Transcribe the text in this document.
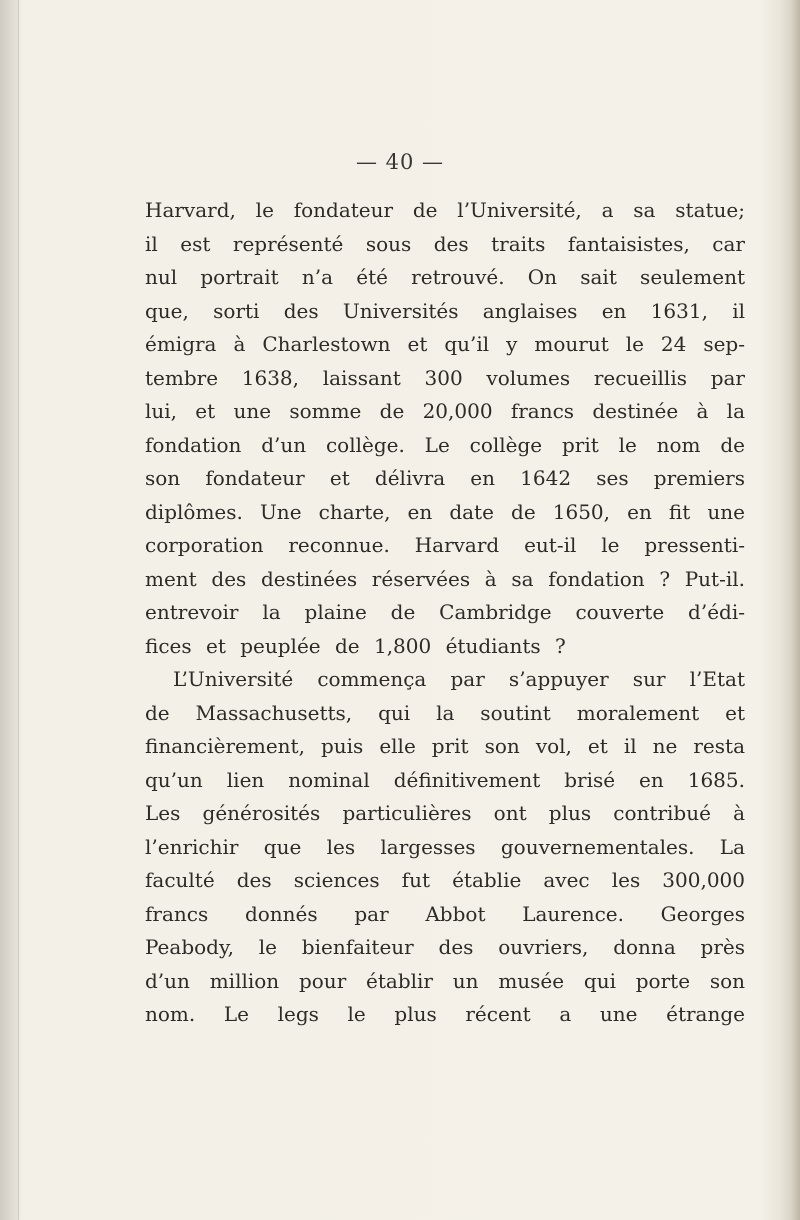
— 40 —
Harvard, le fondateur de l’Université, a sa statue;
il est représenté sous des traits fantaisistes, car
nul portrait n’a été retrouvé. On sait seulement
que, sorti des Universités anglaises en 1631, il
émigra à Charlestown et qu’il y mourut le 24 sep-
tembre 1638, laissant 300 volumes recueillis par
lui, et une somme de 20,000 francs destinée à la
fondation d’un collège. Le collège prit le nom de
son fondateur et délivra en 1642 ses premiers
diplômes. Une charte, en date de 1650, en fit une
corporation reconnue. Harvard eut-il le pressenti-
ment des destinées réservées à sa fondation ? Put-il.
entrevoir la plaine de Cambridge couverte d’édi-
fices et peuplée de 1,800 étudiants ?
L’Université commença par s’appuyer sur l’Etat
de Massachusetts, qui la soutint moralement et
financièrement, puis elle prit son vol, et il ne resta
qu’un lien nominal définitivement brisé en 1685.
Les générosités particulières ont plus contribué à
l’enrichir que les largesses gouvernementales. La
faculté des sciences fut établie avec les 300,000
francs donnés par Abbot Laurence. Georges
Peabody, le bienfaiteur des ouvriers, donna près
d’un million pour établir un musée qui porte son
nom. Le legs le plus récent a une étrange
